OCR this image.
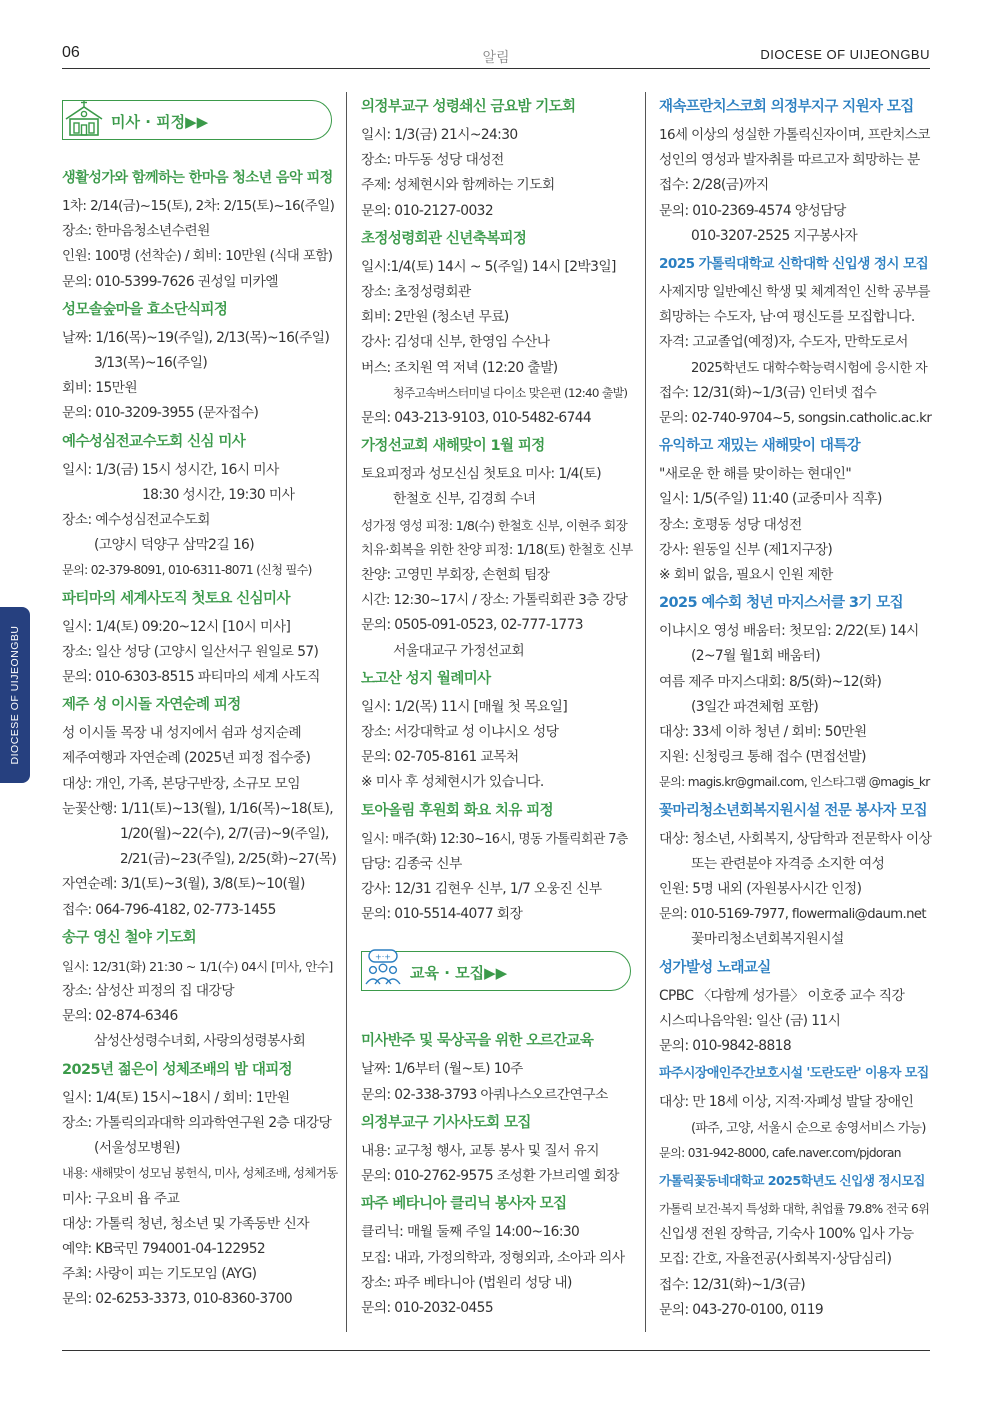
06	알림	DIOCESE OF UIJEONGBU
DIOCESE OF UIJEONGBU
미사 · 피정▶▶
생활성가와 함께하는 한마음 청소년 음악 피정
1차: 2/14(금)~15(토), 2차: 2/15(토)~16(주일)
장소: 한마음청소년수련원
인원: 100명 (선착순) / 회비: 10만원 (식대 포함)
문의: 010-5399-7626 권성일 미카엘
성모솔숲마을 효소단식피정
날짜: 1/16(목)~19(주일), 2/13(목)~16(주일)
3/13(목)~16(주일)
회비: 15만원
문의: 010-3209-3955 (문자접수)
예수성심전교수도회 신심 미사
일시: 1/3(금) 15시 성시간, 16시 미사
18:30 성시간, 19:30 미사
장소: 예수성심전교수도회
(고양시 덕양구 삼막2길 16)
문의: 02-379-8091, 010-6311-8071 (신청 필수)
파티마의 세계사도직 첫토요 신심미사
일시: 1/4(토) 09:20~12시 [10시 미사]
장소: 일산 성당 (고양시 일산서구 원일로 57)
문의: 010-6303-8515 파티마의 세계 사도직
제주 성 이시돌 자연순례 피정
성 이시돌 목장 내 성지에서 쉼과 성지순례
제주여행과 자연순례 (2025년 피정 접수중)
대상: 개인, 가족, 본당구반장, 소규모 모임
눈꽃산행: 1/11(토)~13(월), 1/16(목)~18(토),
1/20(월)~22(수), 2/7(금)~9(주일),
2/21(금)~23(주일), 2/25(화)~27(목)
자연순례: 3/1(토)~3(월), 3/8(토)~10(월)
접수: 064-796-4182, 02-773-1455
송구 영신 철야 기도회
일시: 12/31(화) 21:30 ~ 1/1(수) 04시 [미사, 안수]
장소: 삼성산 피정의 집 대강당
문의: 02-874-6346
삼성산성령수녀회, 사랑의성령봉사회
2025년 젊은이 성체조배의 밤 대피정
일시: 1/4(토) 15시~18시 / 회비: 1만원
장소: 가톨릭의과대학 의과학연구원 2층 대강당
(서울성모병원)
내용: 새해맞이 성모님 봉헌식, 미사, 성체조배, 성체거동
미사: 구요비 욥 주교
대상: 가톨릭 청년, 청소년 및 가족동반 신자
예약: KB국민 794001-04-122952
주최: 사랑이 피는 기도모임 (AYG)
문의: 02-6253-3373, 010-8360-3700
의정부교구 성령쇄신 금요밤 기도회
일시: 1/3(금) 21시~24:30
장소: 마두동 성당 대성전
주제: 성체현시와 함께하는 기도회
문의: 010-2127-0032
초정성령회관 신년축복피정
일시:1/4(토) 14시 ~ 5(주일) 14시 [2박3일]
장소: 초정성령회관
회비: 2만원 (청소년 무료)
강사: 김성대 신부, 한영임 수산나
버스: 조치원 역 저녁 (12:20 출발)
청주고속버스터미널 다이소 맞은편 (12:40 출발)
문의: 043-213-9103, 010-5482-6744
가정선교회 새해맞이 1월 피정
토요피정과 성모신심 첫토요 미사: 1/4(토)
한철호 신부, 김경희 수녀
성가정 영성 피정: 1/8(수) 한철호 신부, 이현주 회장
치유·회복을 위한 찬양 피정: 1/18(토) 한철호 신부
찬양: 고영민 부회장, 손현희 팀장
시간: 12:30~17시 / 장소: 가톨릭회관 3층 강당
문의: 0505-091-0523, 02-777-1773
서울대교구 가정선교회
노고산 성지 월례미사
일시: 1/2(목) 11시 [매월 첫 목요일]
장소: 서강대학교 성 이냐시오 성당
문의: 02-705-8161 교목처
※ 미사 후 성체현시가 있습니다.
토아올림 후원회 화요 치유 피정
일시: 매주(화) 12:30~16시, 명동 가톨릭회관 7층
담당: 김종국 신부
강사: 12/31 김현우 신부, 1/7 오웅진 신부
문의: 010-5514-4077 회장
+·+
교육 · 모집▶▶
미사반주 및 묵상곡을 위한 오르간교육
날짜: 1/6부터 (월~토) 10주
문의: 02-338-3793 아쿼나스오르간연구소
의정부교구 기사사도회 모집
내용: 교구청 행사, 교통 봉사 및 질서 유지
문의: 010-2762-9575 조성환 가브리엘 회장
파주 베타니아 클리닉 봉사자 모집
클리닉: 매월 둘째 주일 14:00~16:30
모집: 내과, 가정의학과, 정형외과, 소아과 의사
장소: 파주 베타니아 (법원리 성당 내)
문의: 010-2032-0455
재속프란치스코회 의정부지구 지원자 모집
16세 이상의 성실한 가톨릭신자이며, 프란치스코
성인의 영성과 발자취를 따르고자 희망하는 분
접수: 2/28(금)까지
문의: 010-2369-4574 양성담당
010-3207-2525 지구봉사자
2025 가톨릭대학교 신학대학 신입생 정시 모집
사제지망 일반예신 학생 및 체계적인 신학 공부를
희망하는 수도자, 남·여 평신도를 모집합니다.
자격: 고교졸업(예정)자, 수도자, 만학도로서
2025학년도 대학수학능력시험에 응시한 자
접수: 12/31(화)~1/3(금) 인터넷 접수
문의: 02-740-9704~5, songsin.catholic.ac.kr
유익하고 재밌는 새해맞이 대특강
"새로운 한 해를 맞이하는 현대인"
일시: 1/5(주일) 11:40 (교중미사 직후)
장소: 호평동 성당 대성전
강사: 원동일 신부 (제1지구장)
※ 회비 없음, 필요시 인원 제한
2025 예수회 청년 마지스서클 3기 모집
이냐시오 영성 배움터: 첫모임: 2/22(토) 14시
(2~7월 월1회 배움터)
여름 제주 마지스대회: 8/5(화)~12(화)
(3일간 파견체험 포함)
대상: 33세 이하 청년 / 회비: 50만원
지원: 신청링크 통해 접수 (면접선발)
문의: magis.kr@gmail.com, 인스타그램 @magis_kr
꽃마리청소년회복지원시설 전문 봉사자 모집
대상: 청소년, 사회복지, 상담학과 전문학사 이상
또는 관련분야 자격증 소지한 여성
인원: 5명 내외 (자원봉사시간 인정)
문의: 010-5169-7977, flowermali@daum.net
꽃마리청소년회복지원시설
성가발성 노래교실
CPBC 〈다함께 성가를〉 이호중 교수 직강
시스띠나음악원: 일산 (금) 11시
문의: 010-9842-8818
파주시장애인주간보호시설 '도란도란' 이용자 모집
대상: 만 18세 이상, 지적·자폐성 발달 장애인
(파주, 고양, 서울시 순으로 송영서비스 가능)
문의: 031-942-8000, cafe.naver.com/pjdoran
가톨릭꽃동네대학교 2025학년도 신입생 정시모집
가톨릭 보건·복지 특성화 대학, 취업률 79.8% 전국 6위
신입생 전원 장학금, 기숙사 100% 입사 가능
모집: 간호, 자율전공(사회복지·상담심리)
접수: 12/31(화)~1/3(금)
문의: 043-270-0100, 0119
